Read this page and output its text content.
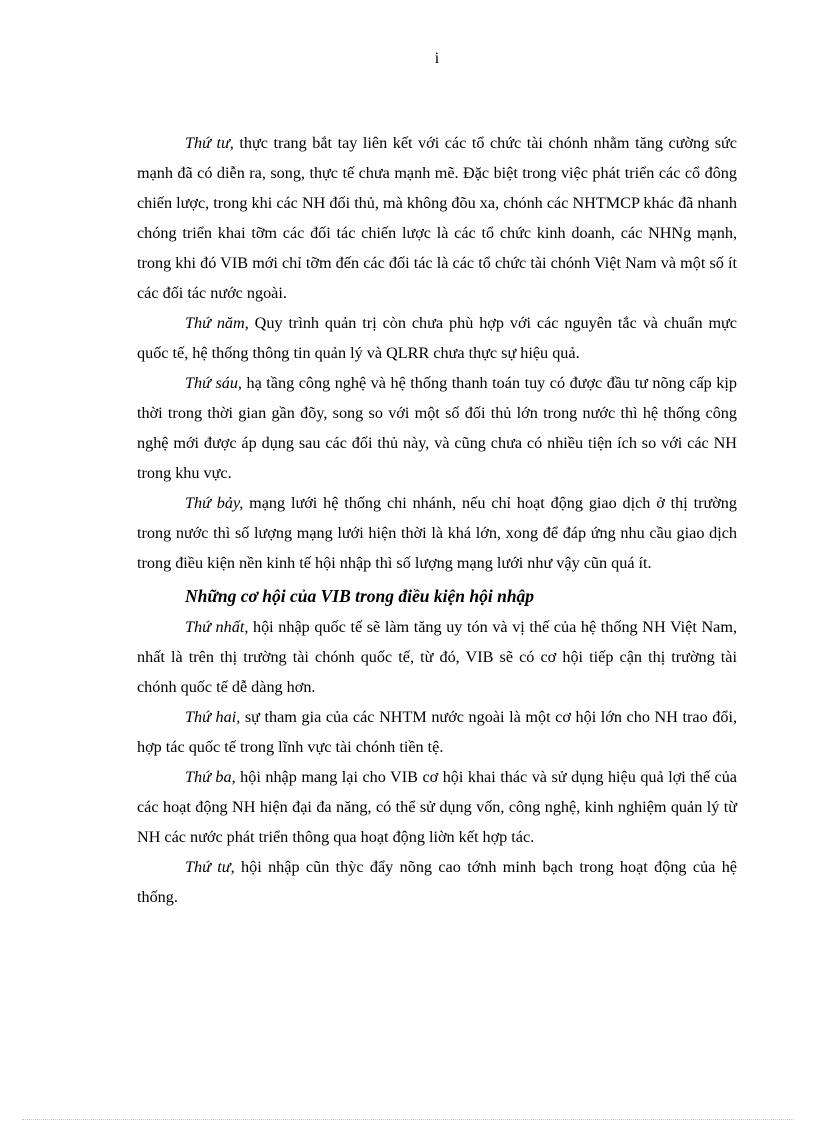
i

Thứ tư, thực trang bắt tay liên kết với các tổ chức tài chónh nhằm tăng cường sức mạnh đã có diễn ra, song, thực tế chưa mạnh mẽ. Đặc biệt trong việc phát triển các cổ đông chiến lược, trong khi các NH đối thủ, mà không đõu xa, chónh các NHTMCP khác đã nhanh chóng triển khai tỡm các đối tác chiến lược là các tổ chức kinh doanh, các NHNg mạnh, trong khi đó VIB mới chỉ tỡm đến các đối tác là các tổ chức tài chónh Việt Nam và một số ít các đối tác nước ngoài.

Thứ năm, Quy trình quản trị còn chưa phù hợp với các nguyên tắc và chuẩn mực quốc tế, hệ thống thông tin quản lý và QLRR chưa thực sự hiệu quả.

Thứ sáu, hạ tầng công nghệ và hệ thống thanh toán tuy có được đầu tư nõng cấp kịp thời trong thời gian gần đõy, song so với một số đối thủ lớn trong nước thì hệ thống công nghệ mới được áp dụng sau các đối thủ này, và cũng chưa có nhiều tiện ích so với các NH trong khu vực.

Thứ bảy, mạng lưới hệ thống chi nhánh, nếu chỉ hoạt động giao dịch ở thị trường trong nước thì số lượng mạng lưới hiện thời là khá lớn, xong để đáp ứng nhu cầu giao dịch trong điều kiện nền kinh tế hội nhập thì số lượng mạng lưới như vậy cũn quá ít.

Những cơ hội của VIB trong điều kiện hội nhập

Thứ nhất, hội nhập quốc tế sẽ làm tăng uy tón và vị thế của hệ thống NH Việt Nam, nhất là trên thị trường tài chónh quốc tế, từ đó, VIB sẽ có cơ hội tiếp cận thị trường tài chónh quốc tế dễ dàng hơn.

Thứ hai, sự tham gia của các NHTM nước ngoài là một cơ hội lớn cho NH trao đổi, hợp tác quốc tế trong lĩnh vực tài chónh tiền tệ.

Thứ ba, hội nhập mang lại cho VIB cơ hội khai thác và sử dụng hiệu quả lợi thế của các hoạt động NH hiện đại đa năng, có thể sử dụng vốn, công nghệ, kinh nghiệm quản lý từ NH các nước phát triển thông qua hoạt động liờn kết hợp tác.

Thứ tư, hội nhập cũn thỳc đẩy nõng cao tớnh minh bạch trong hoạt động của hệ thống.
